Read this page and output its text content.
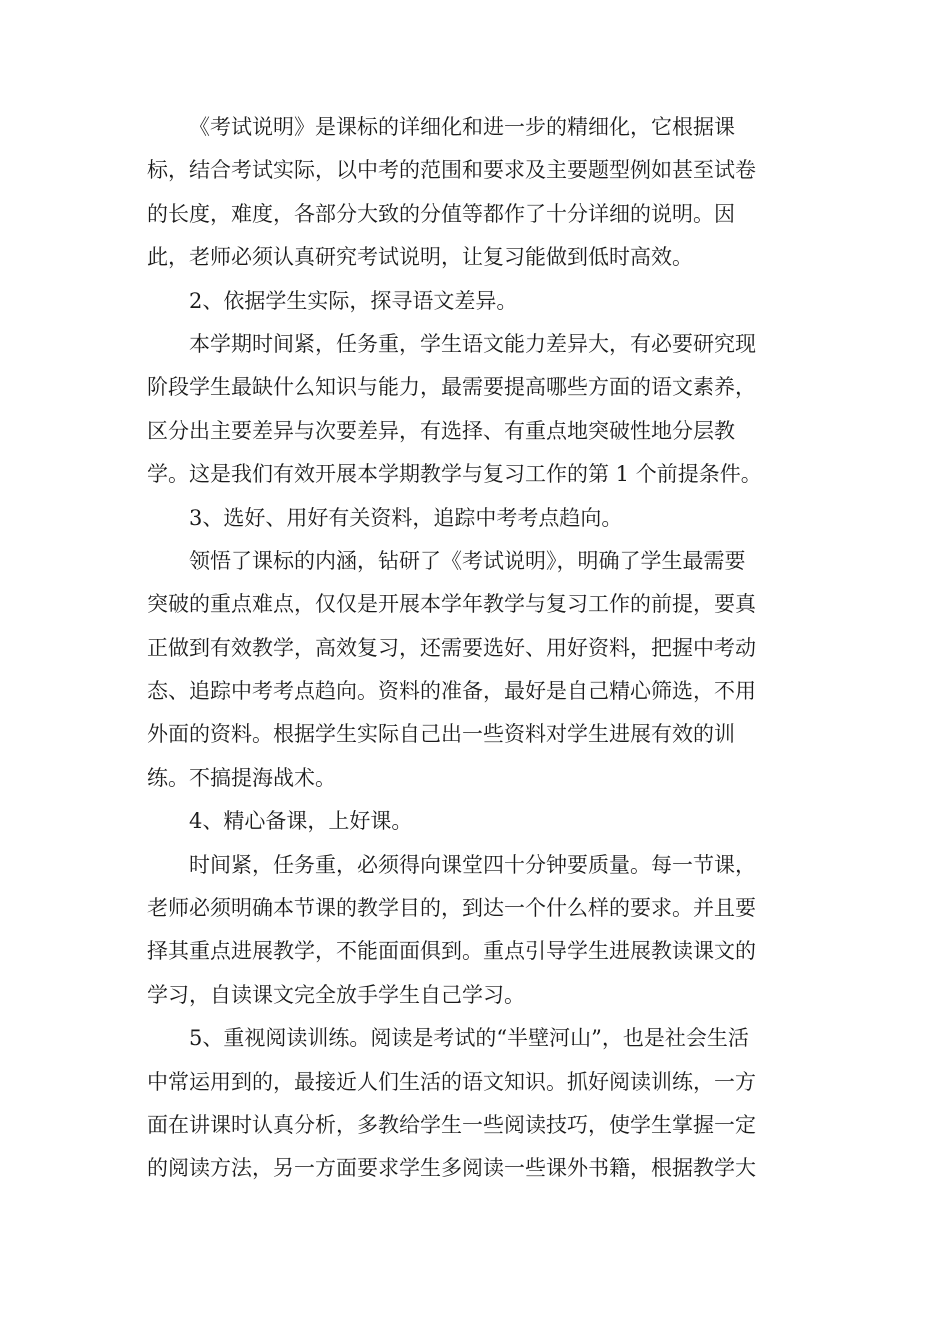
《考试说明》是课标的详细化和进一步的精细化，它根据课
标，结合考试实际，以中考的范围和要求及主要题型例如甚至试卷
的长度，难度，各部分大致的分值等都作了十分详细的说明。因
此，老师必须认真研究考试说明，让复习能做到低时高效。
2、依据学生实际，探寻语文差异。
本学期时间紧，任务重，学生语文能力差异大，有必要研究现
阶段学生最缺什么知识与能力，最需要提高哪些方面的语文素养，
区分出主要差异与次要差异，有选择、有重点地突破性地分层教
学。这是我们有效开展本学期教学与复习工作的第 1 个前提条件。
3、选好、用好有关资料，追踪中考考点趋向。
领悟了课标的内涵，钻研了《考试说明》，明确了学生最需要
突破的重点难点，仅仅是开展本学年教学与复习工作的前提，要真
正做到有效教学，高效复习，还需要选好、用好资料，把握中考动
态、追踪中考考点趋向。资料的准备，最好是自己精心筛选，不用
外面的资料。根据学生实际自己出一些资料对学生进展有效的训
练。不搞提海战术。
4、精心备课，上好课。
时间紧，任务重，必须得向课堂四十分钟要质量。每一节课，
老师必须明确本节课的教学目的，到达一个什么样的要求。并且要
择其重点进展教学，不能面面俱到。重点引导学生进展教读课文的
学习，自读课文完全放手学生自己学习。
5、重视阅读训练。阅读是考试的“半壁河山”，也是社会生活
中常运用到的，最接近人们生活的语文知识。抓好阅读训练，一方
面在讲课时认真分析，多教给学生一些阅读技巧，使学生掌握一定
的阅读方法，另一方面要求学生多阅读一些课外书籍，根据教学大
